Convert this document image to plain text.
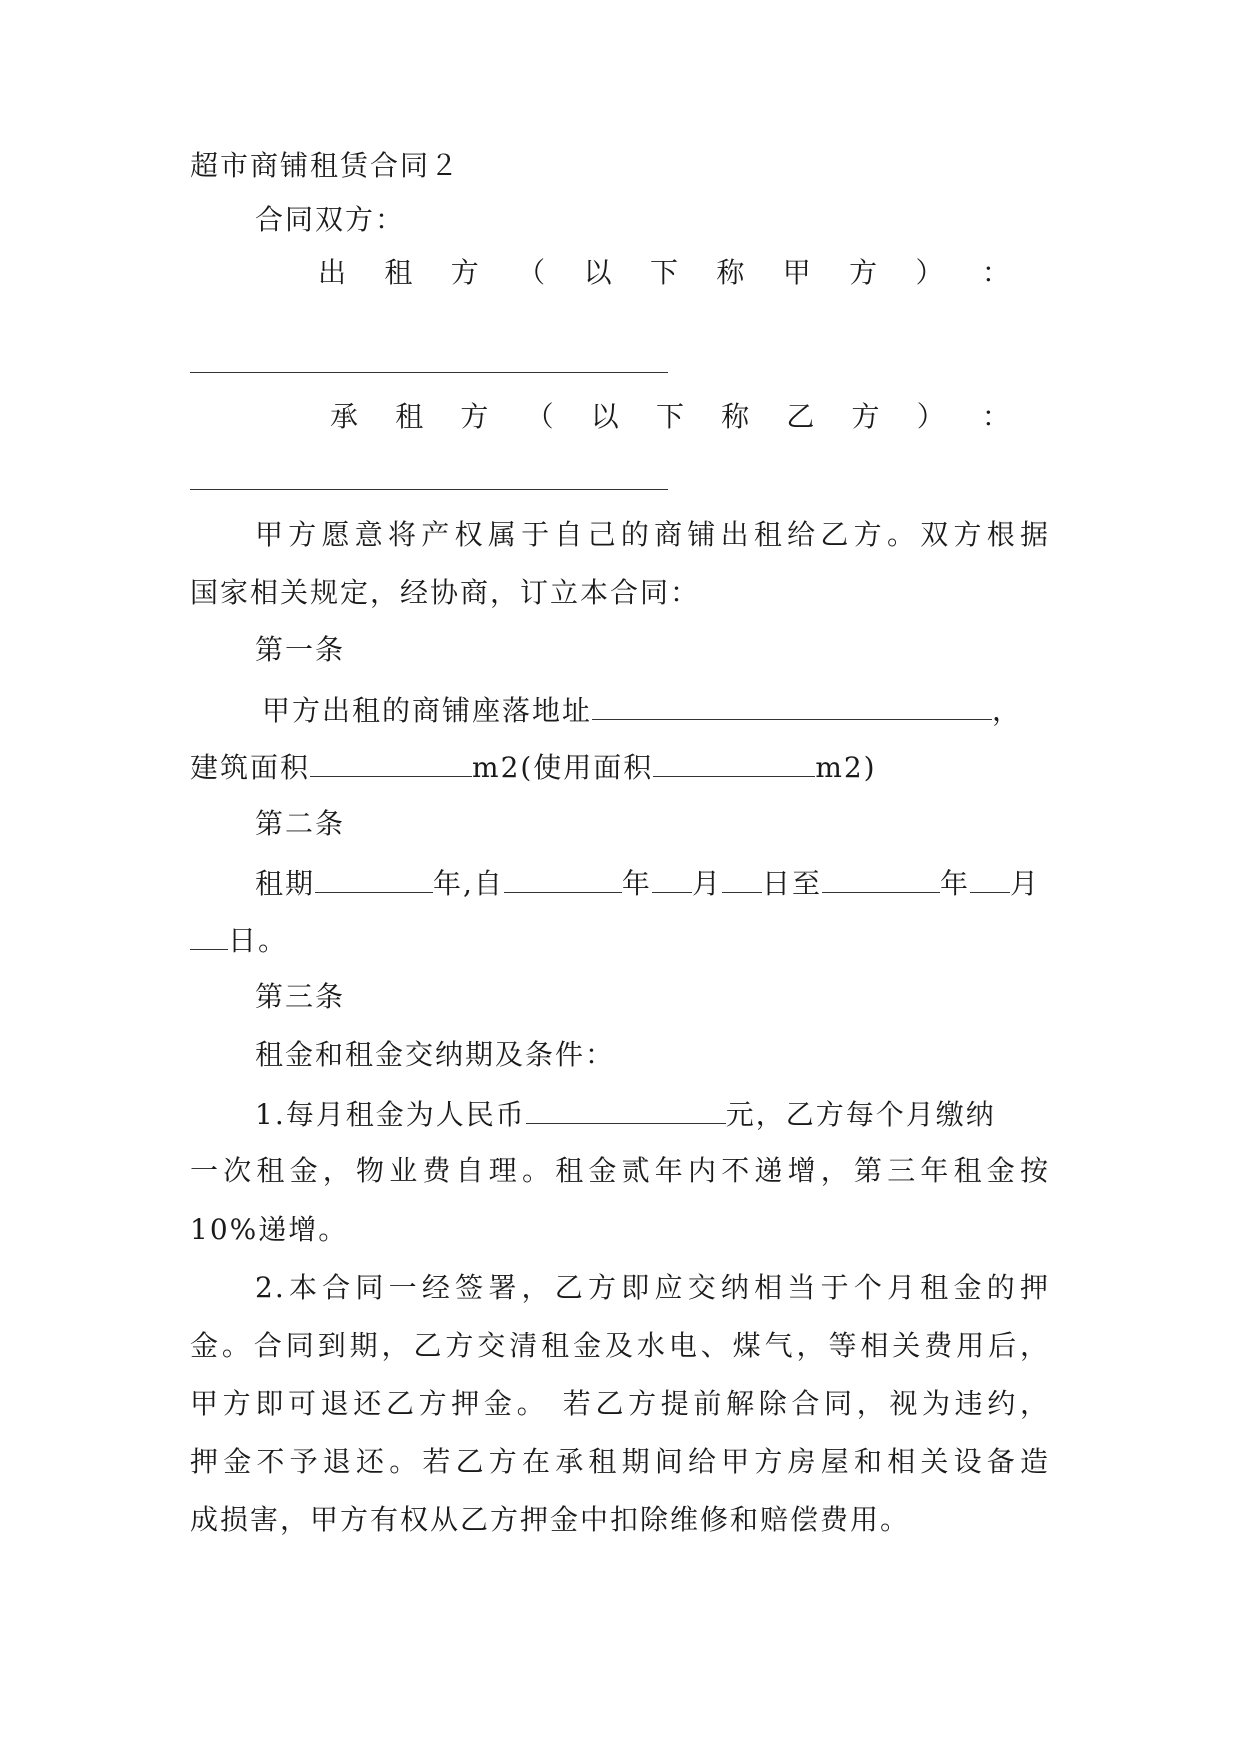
超市商铺租赁合同２
合同双方：
出 租 方 （ 以 下 称 甲 方 ） ：
承 租 方 （ 以 下 称 乙 方 ） ：
甲方愿意将产权属于自己的商铺出租给乙方。双方根据
国家相关规定，经协商，订立本合同：
第一条
甲方出租的商铺座落地址	，
建筑面积	m2(使用面积	m2)
第二条
租期	年,自	年 月 日至	年 月
日。
第三条
租金和租金交纳期及条件：
1.每月租金为人民币	元，乙方每个月缴纳
一次租金，物业费自理。租金贰年内不递增，第三年租金按
10%递增。
2.本合同一经签署，乙方即应交纳相当于个月租金的押
金。合同到期，乙方交清租金及水电、煤气，等相关费用后，
甲方即可退还乙方押金。 若乙方提前解除合同，视为违约，
押金不予退还。若乙方在承租期间给甲方房屋和相关设备造
成损害，甲方有权从乙方押金中扣除维修和赔偿费用。
